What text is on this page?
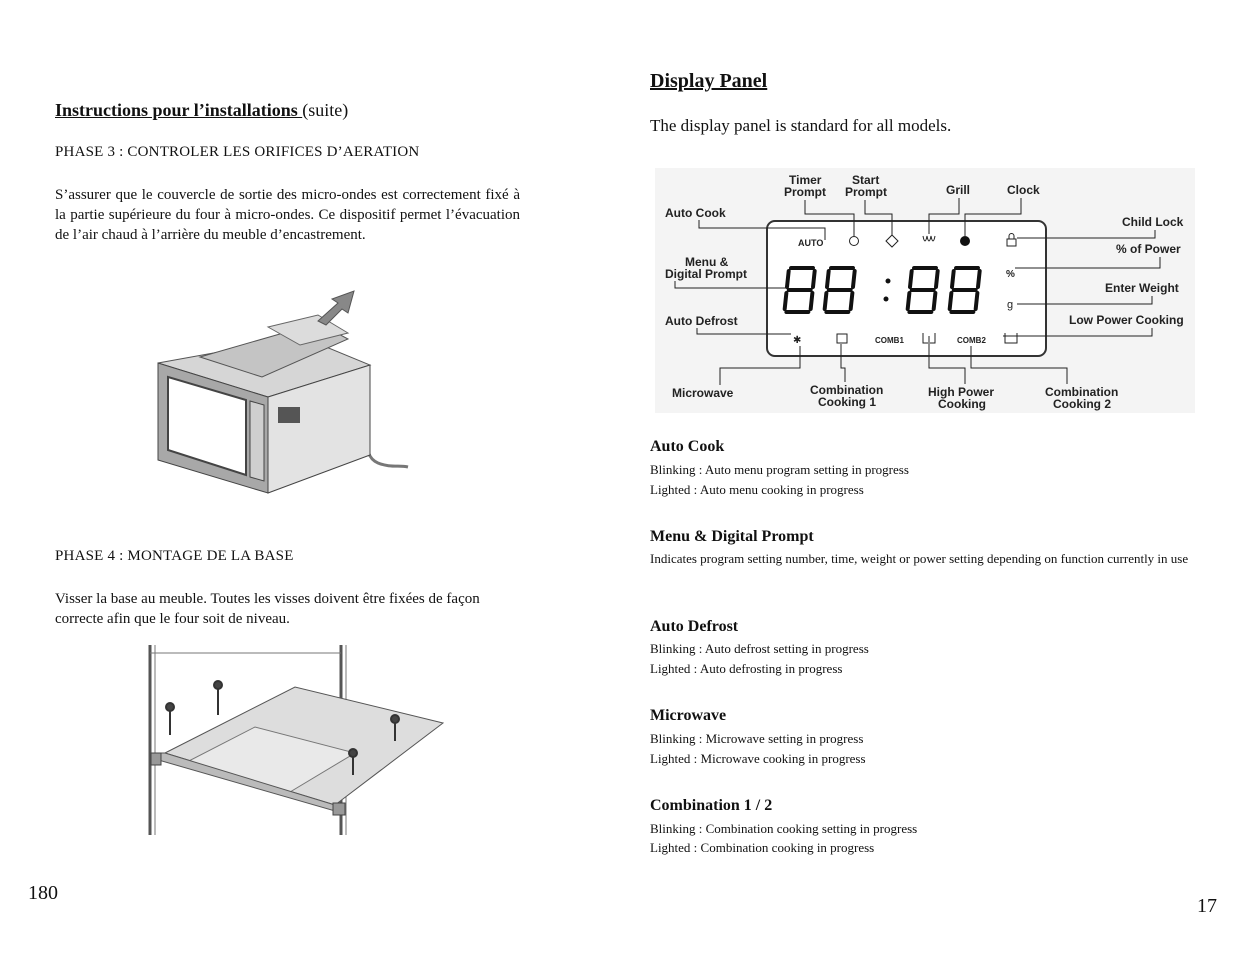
Instructions pour l’installations (suite)
PHASE 3 : CONTROLER LES ORIFICES D’AERATION
S’assurer que le couvercle de sortie des micro-ondes est correctement fixé à la partie supérieure du four à micro-ondes. Ce dispositif permet l’évacuation de l’air chaud à l’arrière du meuble d’encastrement.
PHASE 4 : MONTAGE DE LA BASE
Visser la base au meuble. Toutes les visses doivent être fixées de façon correcte afin que le four soit de niveau.
180
Display Panel
The display panel is standard for all models.
AUTO
%
g
✱	COMB1	COMB2
Timer
Prompt
Start
Prompt	Grill	Clock
Auto Cook
Child Lock
% of Power
Menu &
Digital Prompt
Enter Weight
Auto Defrost	Low Power Cooking
Microwave	Combination
Cooking 1
High Power
Cooking
Combination
Cooking 2
Auto Cook
Blinking : Auto menu program setting in progress
Lighted : Auto menu cooking in progress
Menu & Digital Prompt
Indicates program setting number, time, weight or power setting depending on function currently in use
Auto Defrost
Blinking : Auto defrost setting in progress
Lighted : Auto defrosting in progress
Microwave
Blinking : Microwave setting in progress
Lighted : Microwave cooking in progress
Combination 1 / 2
Blinking : Combination cooking setting in progress
Lighted : Combination cooking in progress
17
